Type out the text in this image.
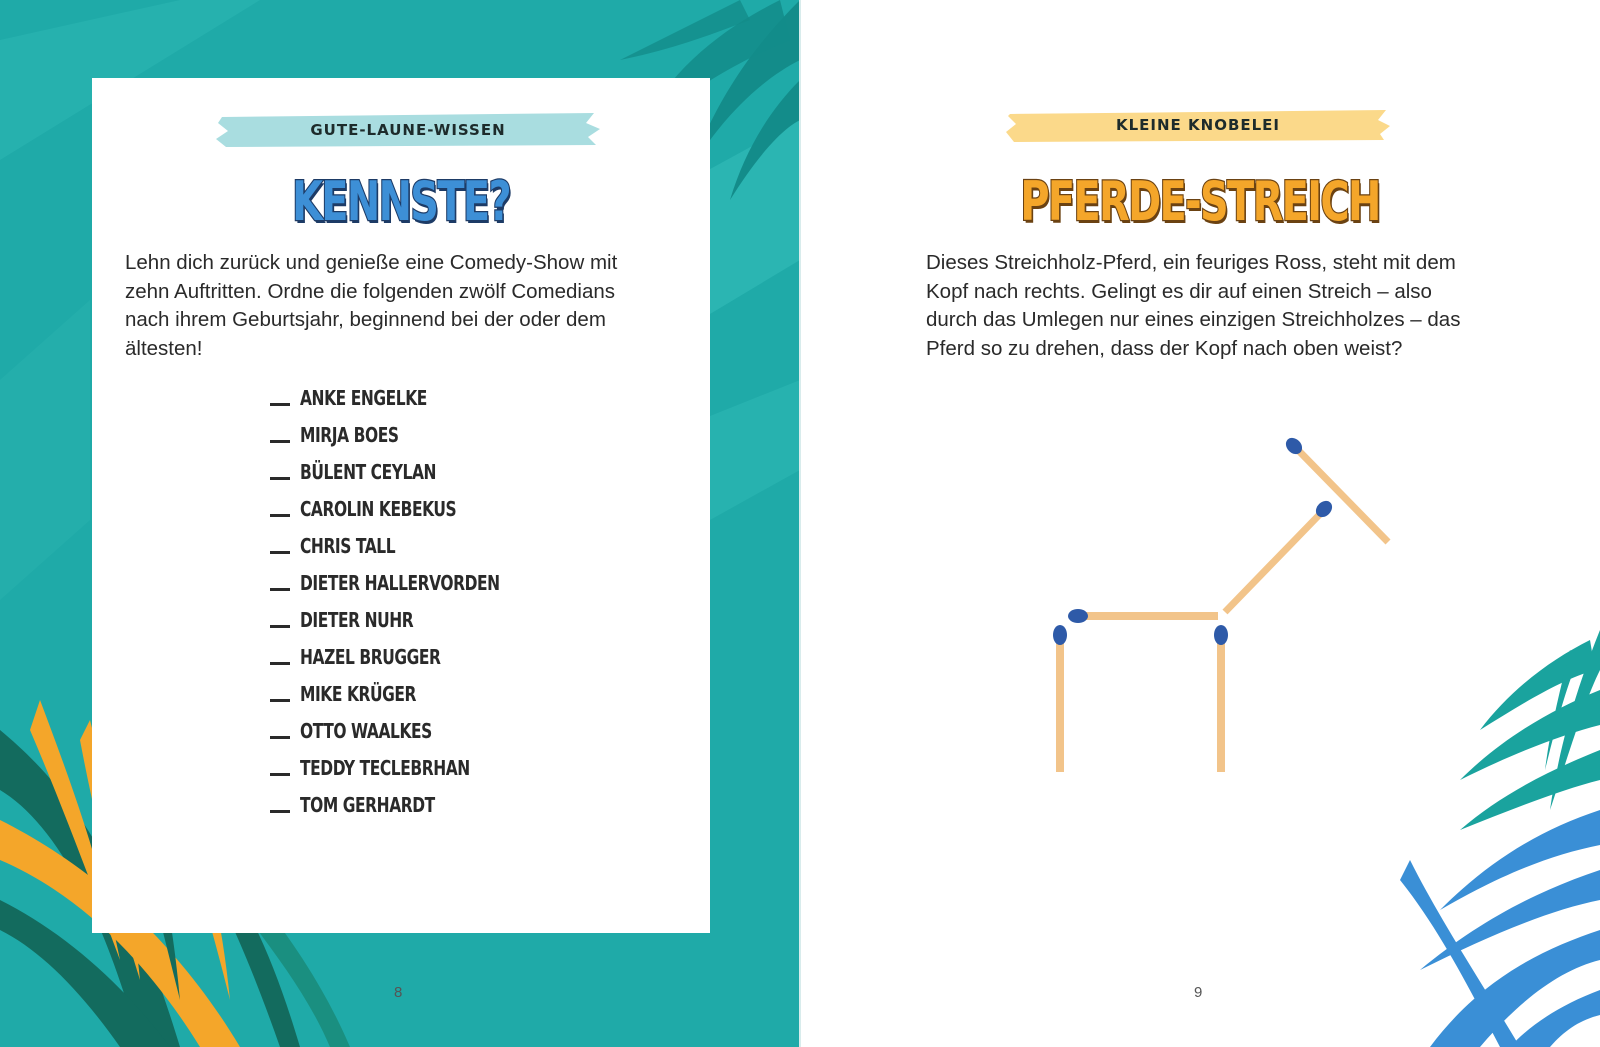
GUTE-LAUNE-WISSEN	KLEINE KNOBELEI
KENNSTE?	PFERDE-STREICH
Lehn dich zurück und genieße eine Comedy-Show mit zehn Auftritten. Ordne die folgenden zwölf Comedians nach ihrem Geburtsjahr, beginnend bei der oder dem ältesten!
Dieses Streichholz-Pferd, ein feuriges Ross, steht mit dem Kopf nach rechts. Gelingt es dir auf einen Streich – also durch das Umlegen nur eines einzigen Streichholzes – das Pferd so zu drehen, dass der Kopf nach oben weist?
ANKE ENGELKE
MIRJA BOES
BÜLENT CEYLAN
CAROLIN KEBEKUS
CHRIS TALL
DIETER HALLERVORDEN
DIETER NUHR
HAZEL BRUGGER
MIKE KRÜGER
OTTO WAALKES
TEDDY TECLEBRHAN
TOM GERHARDT
8	9
